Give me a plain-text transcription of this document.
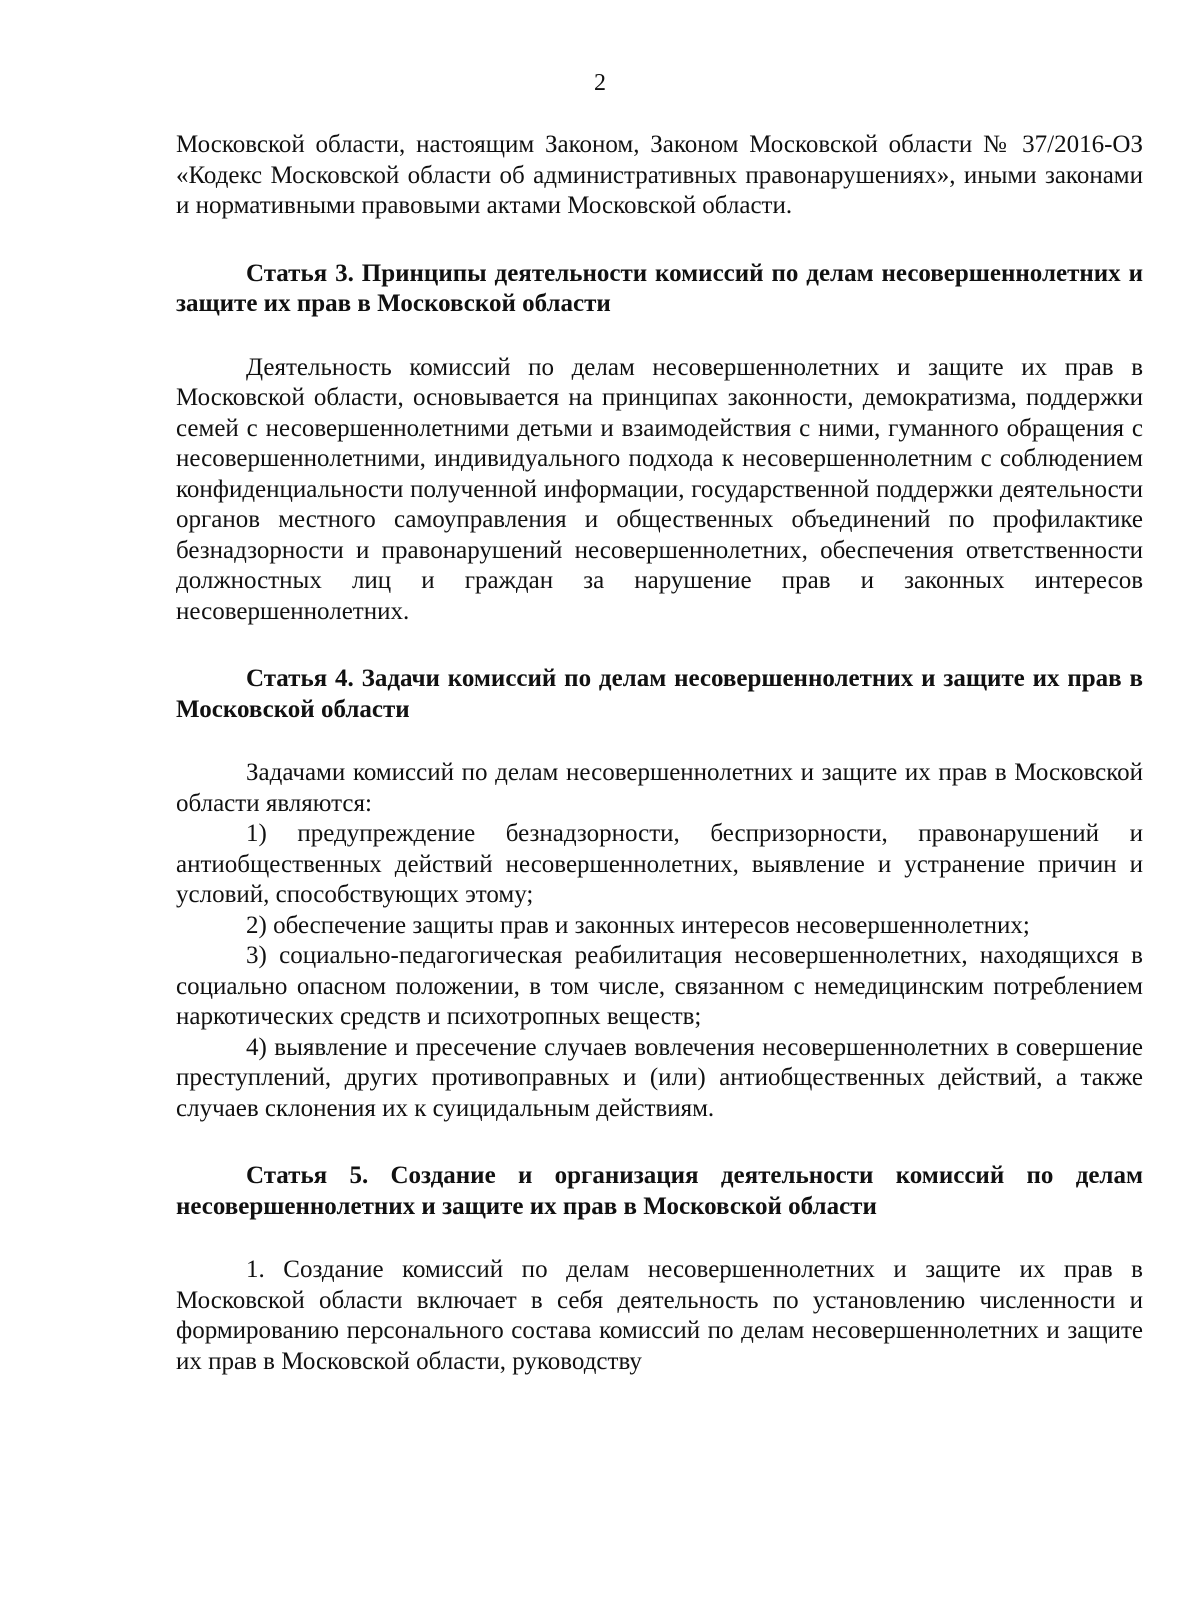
2

Московской области, настоящим Законом, Законом Московской области № 37/2016-ОЗ «Кодекс Московской области об административных правонарушениях», иными законами и нормативными правовыми актами Московской области.

Статья 3. Принципы деятельности комиссий по делам несовершеннолетних и защите их прав в Московской области

Деятельность комиссий по делам несовершеннолетних и защите их прав в Московской области, основывается на принципах законности, демократизма, поддержки семей с несовершеннолетними детьми и взаимодействия с ними, гуманного обращения с несовершеннолетними, индивидуального подхода к несовершеннолетним с соблюдением конфиденциальности полученной информации, государственной поддержки деятельности органов местного самоуправления и общественных объединений по профилактике безнадзорности и правонарушений несовершеннолетних, обеспечения ответственности должностных лиц и граждан за нарушение прав и законных интересов несовершеннолетних.

Статья 4. Задачи комиссий по делам несовершеннолетних и защите их прав в Московской области

Задачами комиссий по делам несовершеннолетних и защите их прав в Московской области являются:

1) предупреждение безнадзорности, беспризорности, правонарушений и антиобщественных действий несовершеннолетних, выявление и устранение причин и условий, способствующих этому;

2) обеспечение защиты прав и законных интересов несовершеннолетних;

3) социально-педагогическая реабилитация несовершеннолетних, находящихся в социально опасном положении, в том числе, связанном с немедицинским потреблением наркотических средств и психотропных веществ;

4) выявление и пресечение случаев вовлечения несовершеннолетних в совершение преступлений, других противоправных и (или) антиобщественных действий, а также случаев склонения их к суицидальным действиям.

Статья 5. Создание и организация деятельности комиссий по делам несовершеннолетних и защите их прав в Московской области

1. Создание комиссий по делам несовершеннолетних и защите их прав в Московской области включает в себя деятельность по установлению численности и формированию персонального состава комиссий по делам несовершеннолетних и защите их прав в Московской области, руководству
